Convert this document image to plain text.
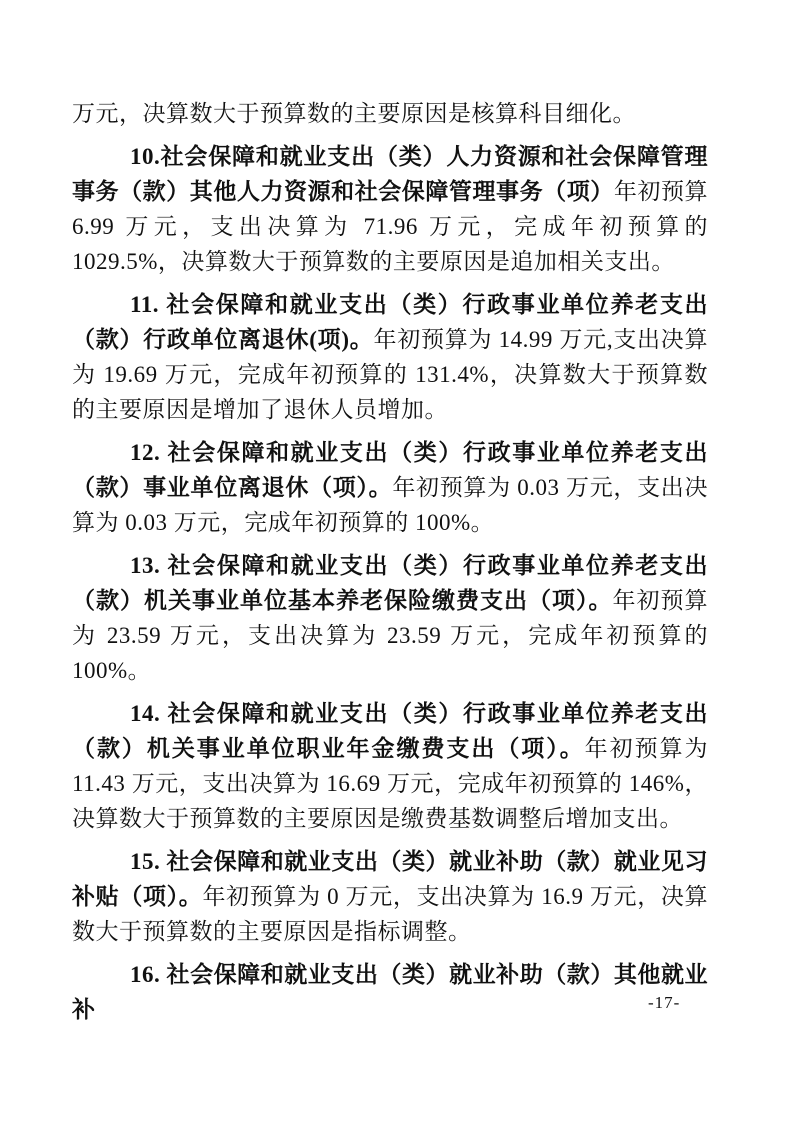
万元，决算数大于预算数的主要原因是核算科目细化。

10.社会保障和就业支出（类）人力资源和社会保障管理事务（款）其他人力资源和社会保障管理事务（项）年初预算 6.99 万元，支出决算为 71.96 万元，完成年初预算的 1029.5%，决算数大于预算数的主要原因是追加相关支出。

11. 社会保障和就业支出（类）行政事业单位养老支出（款）行政单位离退休(项)。年初预算为 14.99 万元,支出决算为 19.69 万元，完成年初预算的 131.4%，决算数大于预算数的主要原因是增加了退休人员增加。

12. 社会保障和就业支出（类）行政事业单位养老支出（款）事业单位离退休（项）。年初预算为 0.03 万元，支出决算为 0.03 万元，完成年初预算的 100%。

13. 社会保障和就业支出（类）行政事业单位养老支出（款）机关事业单位基本养老保险缴费支出（项）。年初预算为 23.59 万元，支出决算为 23.59 万元，完成年初预算的 100%。

14. 社会保障和就业支出（类）行政事业单位养老支出（款）机关事业单位职业年金缴费支出（项）。年初预算为 11.43 万元，支出决算为 16.69 万元，完成年初预算的 146%，决算数大于预算数的主要原因是缴费基数调整后增加支出。

15. 社会保障和就业支出（类）就业补助（款）就业见习补贴（项）。年初预算为 0 万元，支出决算为 16.9 万元，决算数大于预算数的主要原因是指标调整。

16. 社会保障和就业支出（类）就业补助（款）其他就业补	-17-
